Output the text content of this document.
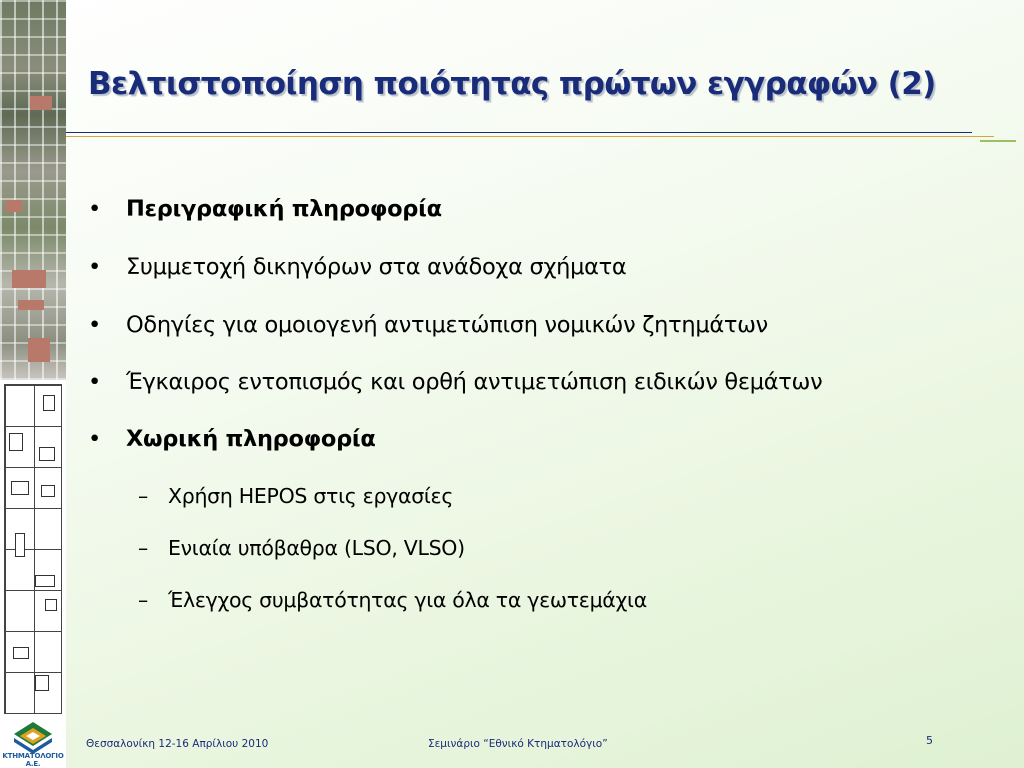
ΚΤΗΜΑΤΟΛΟΓΙΟ Α.Ε.
Βελτιστοποίηση ποιότητας πρώτων εγγραφών (2)
• Περιγραφική πληροφορία
• Συμμετοχή δικηγόρων στα ανάδοχα σχήματα
• Οδηγίες για ομοιογενή αντιμετώπιση νομικών ζητημάτων
• Έγκαιρος εντοπισμός και ορθή αντιμετώπιση ειδικών θεμάτων
• Χωρική πληροφορία
– Χρήση HEPOS στις εργασίες
– Ενιαία υπόβαθρα (LSO, VLSO)
– Έλεγχος συμβατότητας για όλα τα γεωτεμάχια
Θεσσαλονίκη 12-16 Απρίλιου 2010	Σεμινάριο “Εθνικό Κτηματολόγιο”	5
